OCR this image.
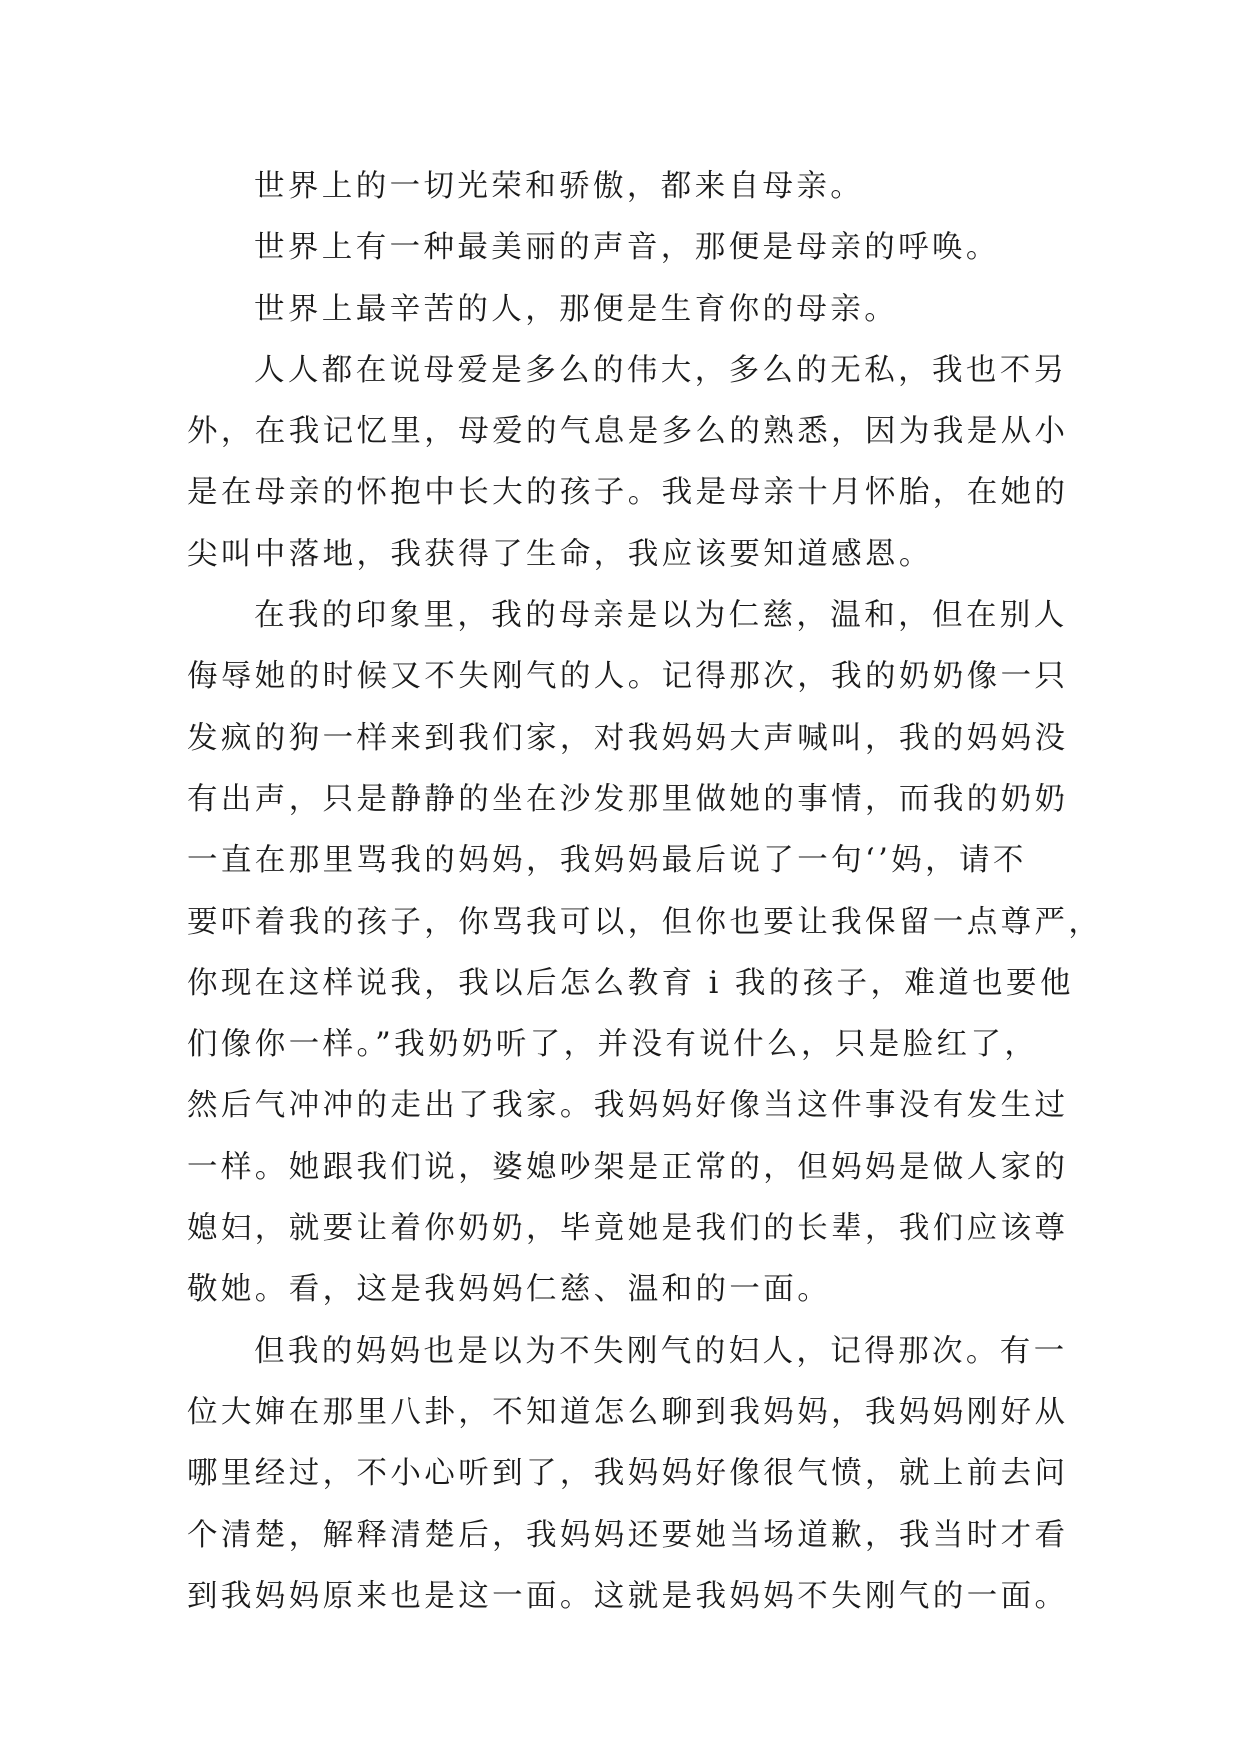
世界上的一切光荣和骄傲，都来自母亲。
世界上有一种最美丽的声音，那便是母亲的呼唤。
世界上最辛苦的人，那便是生育你的母亲。
人人都在说母爱是多么的伟大，多么的无私，我也不另
外，在我记忆里，母爱的气息是多么的熟悉，因为我是从小
是在母亲的怀抱中长大的孩子。我是母亲十月怀胎，在她的
尖叫中落地，我获得了生命，我应该要知道感恩。
在我的印象里，我的母亲是以为仁慈，温和，但在别人
侮辱她的时候又不失刚气的人。记得那次，我的奶奶像一只
发疯的狗一样来到我们家，对我妈妈大声喊叫，我的妈妈没
有出声，只是静静的坐在沙发那里做她的事情，而我的奶奶
一直在那里骂我的妈妈，我妈妈最后说了一句‘’妈，请不
要吓着我的孩子，你骂我可以，但你也要让我保留一点尊严，
你现在这样说我，我以后怎么教育 i 我的孩子，难道也要他
们像你一样。”我奶奶听了，并没有说什么，只是脸红了，
然后气冲冲的走出了我家。我妈妈好像当这件事没有发生过
一样。她跟我们说，婆媳吵架是正常的，但妈妈是做人家的
媳妇，就要让着你奶奶，毕竟她是我们的长辈，我们应该尊
敬她。看，这是我妈妈仁慈、温和的一面。
但我的妈妈也是以为不失刚气的妇人，记得那次。有一
位大婶在那里八卦，不知道怎么聊到我妈妈，我妈妈刚好从
哪里经过，不小心听到了，我妈妈好像很气愤，就上前去问
个清楚，解释清楚后，我妈妈还要她当场道歉，我当时才看
到我妈妈原来也是这一面。这就是我妈妈不失刚气的一面。
